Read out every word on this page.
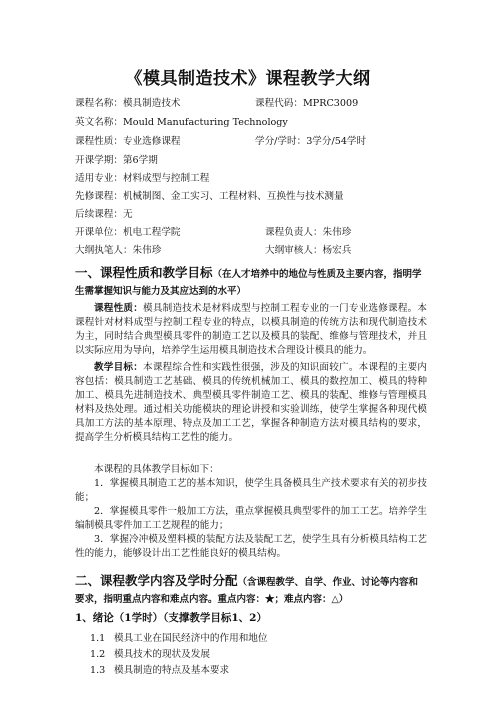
《模具制造技术》课程教学大纲
课程名称：模具制造技术	课程代码：MPRC3009
英文名称：Mould Manufacturing Technology
课程性质：专业选修课程	学分/学时：3学分/54学时
开课学期：第6学期
适用专业：材料成型与控制工程
先修课程：机械制图、金工实习、工程材料、互换性与技术测量
后续课程：无
开课单位：机电工程学院	课程负责人：朱伟珍
大纲执笔人：朱伟珍	大纲审核人：杨宏兵
一、课程性质和教学目标（在人才培养中的地位与性质及主要内容，指明学生需掌握知识与能力及其应达到的水平）
课程性质：模具制造技术是材料成型与控制工程专业的一门专业选修课程。本课程针对材料成型与控制工程专业的特点，以模具制造的传统方法和现代制造技术为主，同时结合典型模具零件的制造工艺以及模具的装配、维修与管理技术，并且以实际应用为导向，培养学生运用模具制造技术合理设计模具的能力。
教学目标：本课程综合性和实践性很强，涉及的知识面较广。本课程的主要内容包括：模具制造工艺基础、模具的传统机械加工、模具的数控加工、模具的特种加工、模具先进制造技术、典型模具零件制造工艺、模具的装配、维修与管理模具材料及热处理。通过相关功能模块的理论讲授和实验训练，使学生掌握各种现代模具加工方法的基本原理、特点及加工工艺，掌握各种制造方法对模具结构的要求，提高学生分析模具结构工艺性的能力。
本课程的具体教学目标如下：
1．掌握模具制造工艺的基本知识，使学生具备模具生产技术要求有关的初步技能；
2．掌握模具零件一般加工方法，重点掌握模具典型零件的加工工艺。培养学生编制模具零件加工工艺规程的能力；
3．掌握冷冲模及塑料模的装配方法及装配工艺，使学生具有分析模具结构工艺性的能力，能够设计出工艺性能良好的模具结构。
二、课程教学内容及学时分配（含课程教学、自学、作业、讨论等内容和要求，指明重点内容和难点内容。重点内容：★；难点内容：△）
1、绪论（1学时）（支撑教学目标1、2）
1.1 模具工业在国民经济中的作用和地位
1.2 模具技术的现状及发展
1.3 模具制造的特点及基本要求
